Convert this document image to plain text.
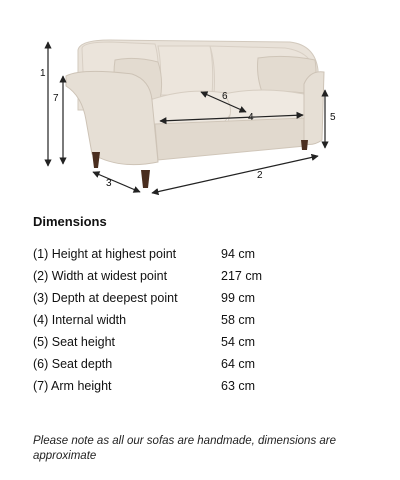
1
7
3
2
4
6
5
Dimensions
(1) Height at highest point	94 cm
(2) Width at widest point	217 cm
(3) Depth at deepest point	99 cm
(4) Internal width	58 cm
(5) Seat height	54 cm
(6) Seat depth	64 cm
(7) Arm height	63 cm
Please note as all our sofas are handmade, dimensions are approximate
